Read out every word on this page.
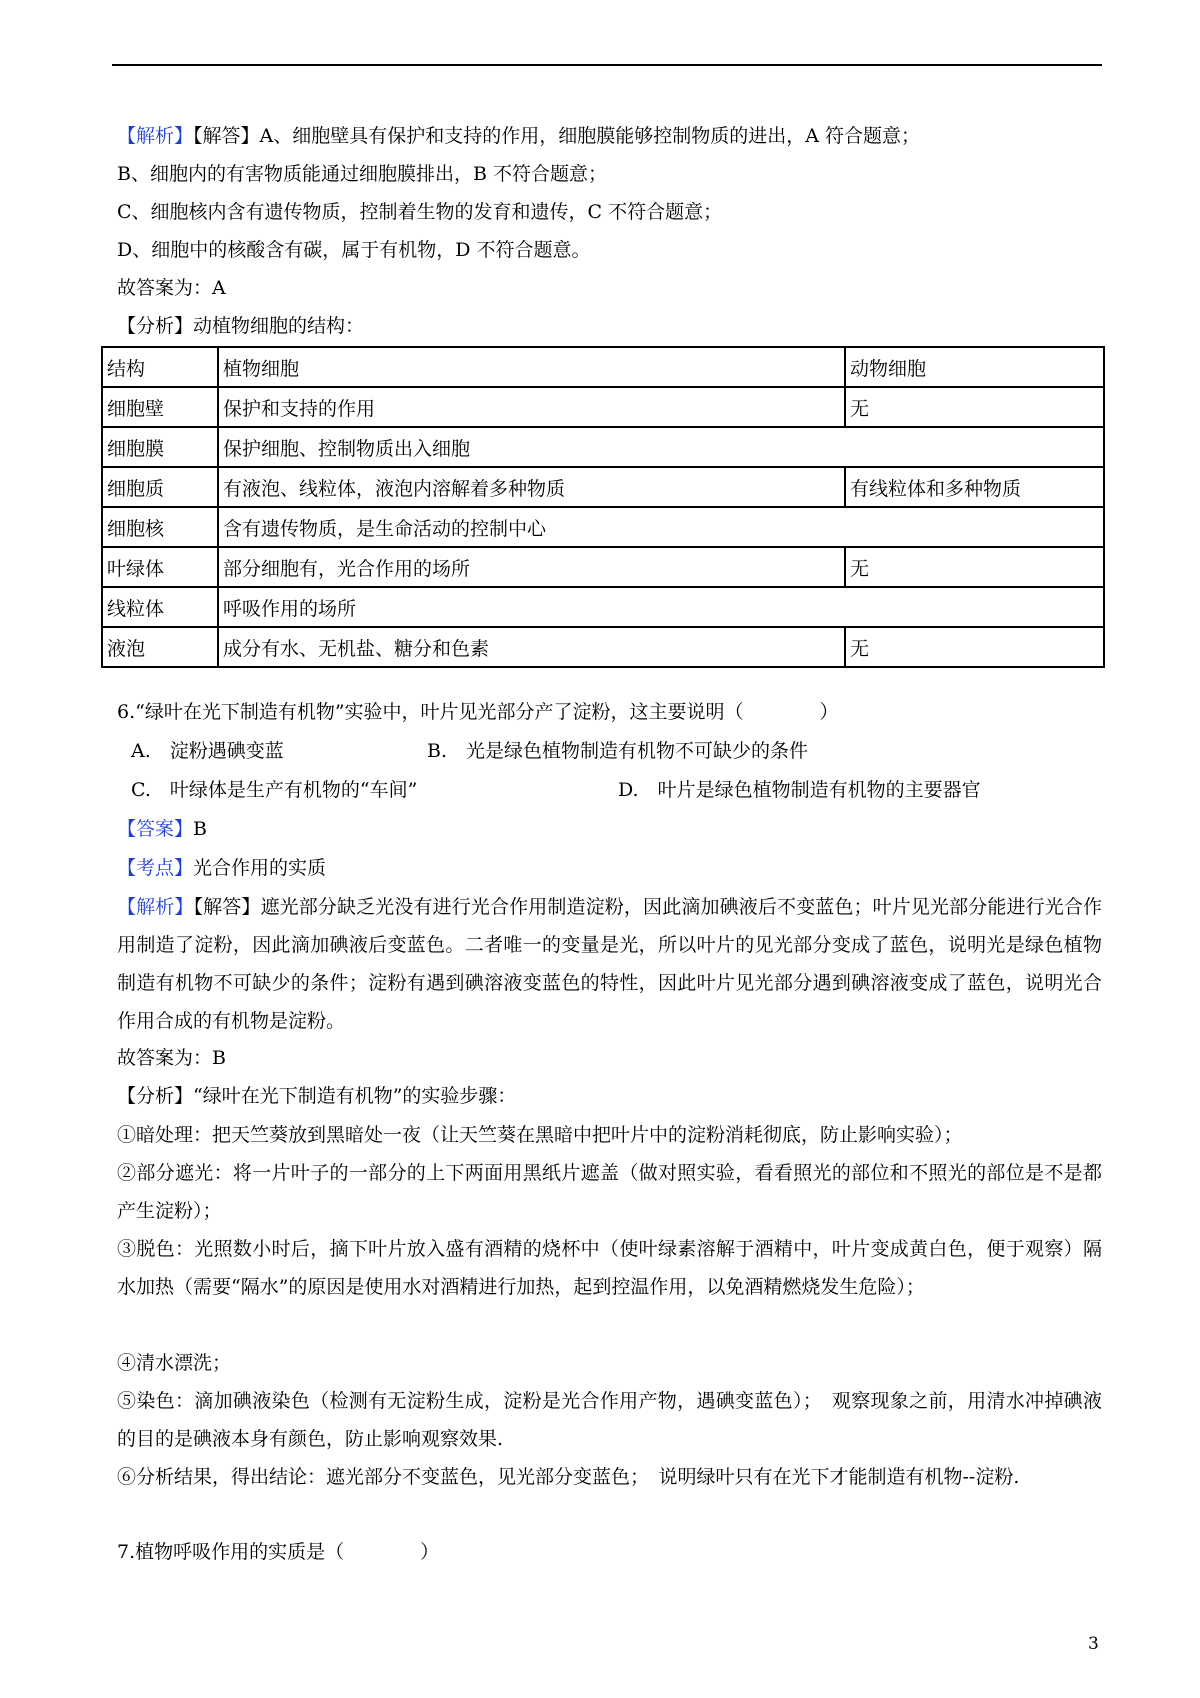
【解析】【解答】A、细胞壁具有保护和支持的作用，细胞膜能够控制物质的进出，A 符合题意；
B、细胞内的有害物质能通过细胞膜排出，B 不符合题意；
C、细胞核内含有遗传物质，控制着生物的发育和遗传，C 不符合题意；
D、细胞中的核酸含有碳，属于有机物，D 不符合题意。
故答案为：A
【分析】动植物细胞的结构：
结构	植物细胞	动物细胞
细胞壁	保护和支持的作用	无
细胞膜	保护细胞、控制物质出入细胞	
细胞质	有液泡、线粒体，液泡内溶解着多种物质	有线粒体和多种物质
细胞核	含有遗传物质，是生命活动的控制中心	
叶绿体	部分细胞有，光合作用的场所	无
线粒体	呼吸作用的场所	
液泡	成分有水、无机盐、糖分和色素	无
6.“绿叶在光下制造有机物”实验中，叶片见光部分产了淀粉，这主要说明（　　　　）
A.　淀粉遇碘变蓝	B.　光是绿色植物制造有机物不可缺少的条件
C.　叶绿体是生产有机物的“车间”	D.　叶片是绿色植物制造有机物的主要器官
【答案】B
【考点】光合作用的实质
【解析】【解答】遮光部分缺乏光没有进行光合作用制造淀粉，因此滴加碘液后不变蓝色；叶片见光部分能进行光合作用制造了淀粉，因此滴加碘液后变蓝色。二者唯一的变量是光，所以叶片的见光部分变成了蓝色，说明光是绿色植物制造有机物不可缺少的条件；淀粉有遇到碘溶液变蓝色的特性，因此叶片见光部分遇到碘溶液变成了蓝色，说明光合作用合成的有机物是淀粉。
故答案为：B
【分析】“绿叶在光下制造有机物”的实验步骤：
①暗处理：把天竺葵放到黑暗处一夜（让天竺葵在黑暗中把叶片中的淀粉消耗彻底，防止影响实验）；
②部分遮光：将一片叶子的一部分的上下两面用黑纸片遮盖（做对照实验，看看照光的部位和不照光的部位是不是都产生淀粉）；
③脱色：光照数小时后，摘下叶片放入盛有酒精的烧杯中（使叶绿素溶解于酒精中，叶片变成黄白色，便于观察）隔水加热（需要“隔水”的原因是使用水对酒精进行加热，起到控温作用，以免酒精燃烧发生危险）；
④清水漂洗；
⑤染色：滴加碘液染色（检测有无淀粉生成，淀粉是光合作用产物，遇碘变蓝色）；　观察现象之前，用清水冲掉碘液的目的是碘液本身有颜色，防止影响观察效果.
⑥分析结果，得出结论：遮光部分不变蓝色，见光部分变蓝色；　说明绿叶只有在光下才能制造有机物--淀粉.
7.植物呼吸作用的实质是（　　　　）
3
